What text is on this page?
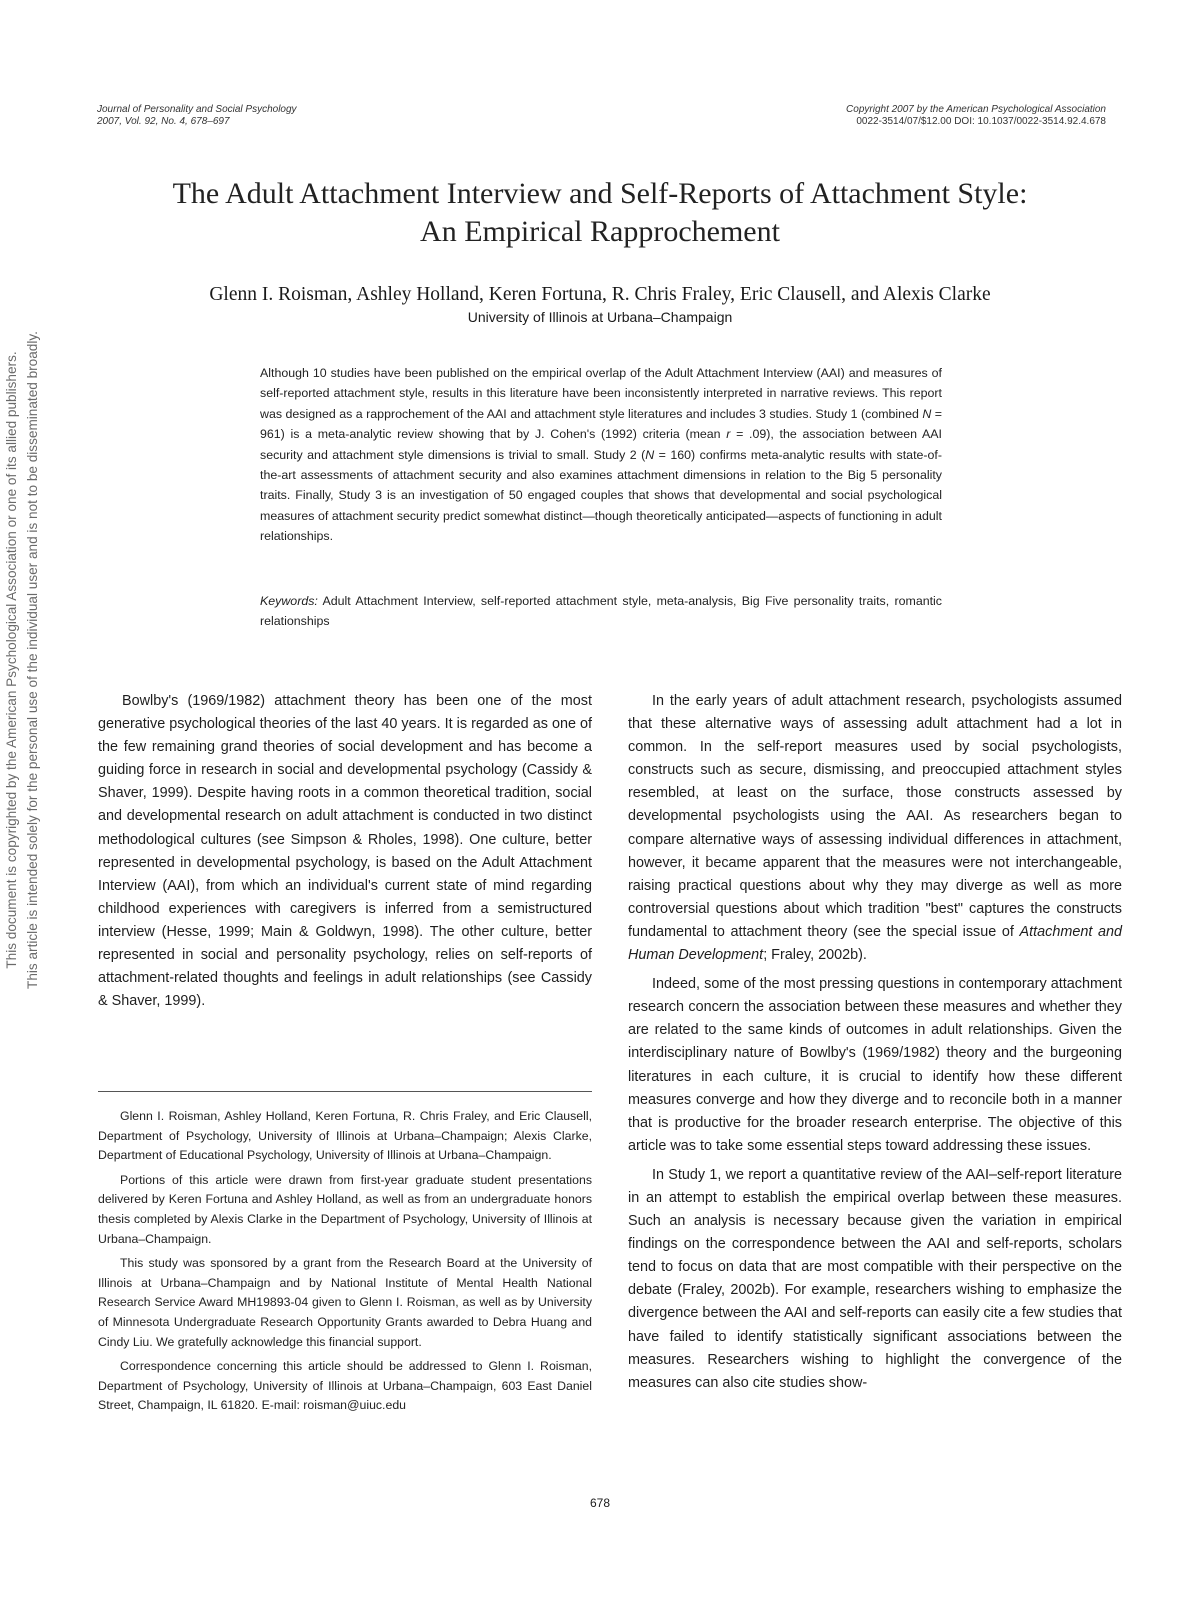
Journal of Personality and Social Psychology
2007, Vol. 92, No. 4, 678–697
Copyright 2007 by the American Psychological Association
0022-3514/07/$12.00 DOI: 10.1037/0022-3514.92.4.678
The Adult Attachment Interview and Self-Reports of Attachment Style:
An Empirical Rapprochement
Glenn I. Roisman, Ashley Holland, Keren Fortuna, R. Chris Fraley, Eric Clausell, and Alexis Clarke
University of Illinois at Urbana–Champaign
Although 10 studies have been published on the empirical overlap of the Adult Attachment Interview (AAI) and measures of self-reported attachment style, results in this literature have been inconsistently interpreted in narrative reviews. This report was designed as a rapprochement of the AAI and attachment style literatures and includes 3 studies. Study 1 (combined N = 961) is a meta-analytic review showing that by J. Cohen's (1992) criteria (mean r = .09), the association between AAI security and attachment style dimensions is trivial to small. Study 2 (N = 160) confirms meta-analytic results with state-of-the-art assessments of attachment security and also examines attachment dimensions in relation to the Big 5 personality traits. Finally, Study 3 is an investigation of 50 engaged couples that shows that developmental and social psychological measures of attachment security predict somewhat distinct—though theoretically anticipated—aspects of functioning in adult relationships.
Keywords: Adult Attachment Interview, self-reported attachment style, meta-analysis, Big Five personality traits, romantic relationships

Bowlby's (1969/1982) attachment theory has been one of the most generative psychological theories of the last 40 years. It is regarded as one of the few remaining grand theories of social development and has become a guiding force in research in social and developmental psychology (Cassidy & Shaver, 1999). Despite having roots in a common theoretical tradition, social and developmental research on adult attachment is conducted in two distinct methodological cultures (see Simpson & Rholes, 1998). One culture, better represented in developmental psychology, is based on the Adult Attachment Interview (AAI), from which an individual's current state of mind regarding childhood experiences with caregivers is inferred from a semistructured interview (Hesse, 1999; Main & Goldwyn, 1998). The other culture, better represented in social and personality psychology, relies on self-reports of attachment-related thoughts and feelings in adult relationships (see Cassidy & Shaver, 1999).

Glenn I. Roisman, Ashley Holland, Keren Fortuna, R. Chris Fraley, and Eric Clausell, Department of Psychology, University of Illinois at Urbana–Champaign; Alexis Clarke, Department of Educational Psychology, University of Illinois at Urbana–Champaign.

Portions of this article were drawn from first-year graduate student presentations delivered by Keren Fortuna and Ashley Holland, as well as from an undergraduate honors thesis completed by Alexis Clarke in the Department of Psychology, University of Illinois at Urbana–Champaign.

This study was sponsored by a grant from the Research Board at the University of Illinois at Urbana–Champaign and by National Institute of Mental Health National Research Service Award MH19893-04 given to Glenn I. Roisman, as well as by University of Minnesota Undergraduate Research Opportunity Grants awarded to Debra Huang and Cindy Liu. We gratefully acknowledge this financial support.

Correspondence concerning this article should be addressed to Glenn I. Roisman, Department of Psychology, University of Illinois at Urbana–Champaign, 603 East Daniel Street, Champaign, IL 61820. E-mail: roisman@uiuc.edu

In the early years of adult attachment research, psychologists assumed that these alternative ways of assessing adult attachment had a lot in common. In the self-report measures used by social psychologists, constructs such as secure, dismissing, and preoccupied attachment styles resembled, at least on the surface, those constructs assessed by developmental psychologists using the AAI. As researchers began to compare alternative ways of assessing individual differences in attachment, however, it became apparent that the measures were not interchangeable, raising practical questions about why they may diverge as well as more controversial questions about which tradition "best" captures the constructs fundamental to attachment theory (see the special issue of Attachment and Human Development; Fraley, 2002b).

Indeed, some of the most pressing questions in contemporary attachment research concern the association between these measures and whether they are related to the same kinds of outcomes in adult relationships. Given the interdisciplinary nature of Bowlby's (1969/1982) theory and the burgeoning literatures in each culture, it is crucial to identify how these different measures converge and how they diverge and to reconcile both in a manner that is productive for the broader research enterprise. The objective of this article was to take some essential steps toward addressing these issues.

In Study 1, we report a quantitative review of the AAI–self-report literature in an attempt to establish the empirical overlap between these measures. Such an analysis is necessary because given the variation in empirical findings on the correspondence between the AAI and self-reports, scholars tend to focus on data that are most compatible with their perspective on the debate (Fraley, 2002b). For example, researchers wishing to emphasize the divergence between the AAI and self-reports can easily cite a few studies that have failed to identify statistically significant associations between the measures. Researchers wishing to highlight the convergence of the measures can also cite studies show-

678
This document is copyrighted by the American Psychological Association or one of its allied publishers. This article is intended solely for the personal use of the individual user and is not to be disseminated broadly.
